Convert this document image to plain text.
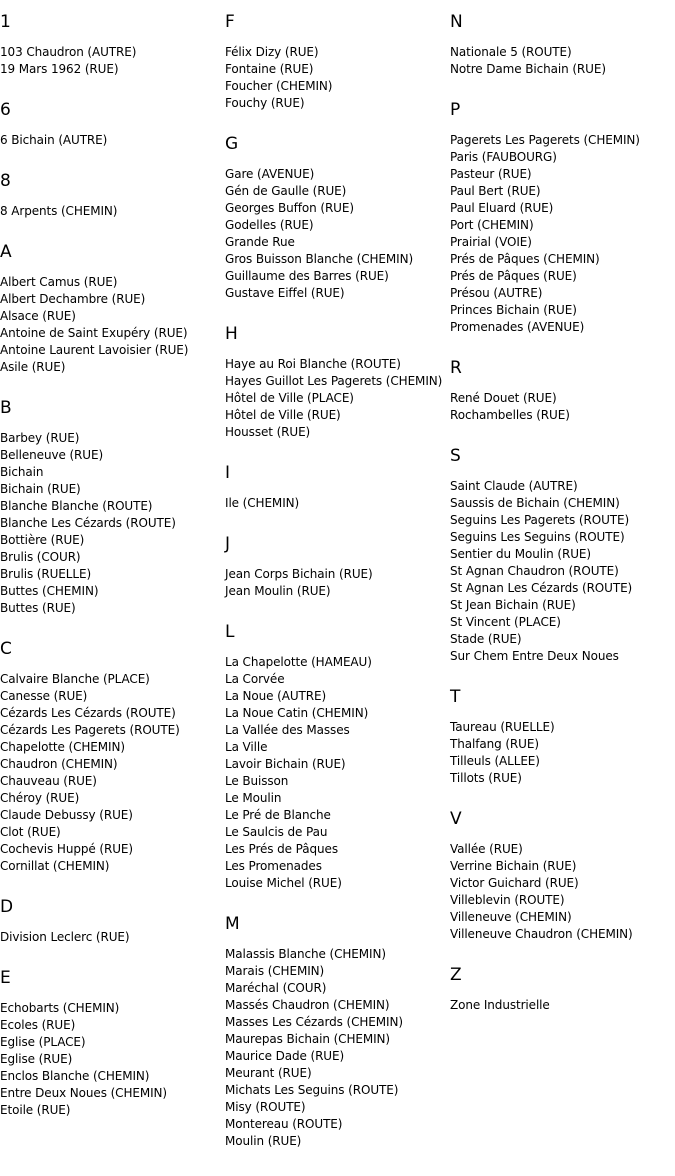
1
103 Chaudron (AUTRE)
19 Mars 1962 (RUE)
6
6 Bichain (AUTRE)
8
8 Arpents (CHEMIN)
A
Albert Camus (RUE)
Albert Dechambre (RUE)
Alsace (RUE)
Antoine de Saint Exupéry (RUE)
Antoine Laurent Lavoisier (RUE)
Asile (RUE)
B
Barbey (RUE)
Belleneuve (RUE)
Bichain
Bichain (RUE)
Blanche Blanche (ROUTE)
Blanche Les Cézards (ROUTE)
Bottière (RUE)
Brulis (COUR)
Brulis (RUELLE)
Buttes (CHEMIN)
Buttes (RUE)
C
Calvaire Blanche (PLACE)
Canesse (RUE)
Cézards Les Cézards (ROUTE)
Cézards Les Pagerets (ROUTE)
Chapelotte (CHEMIN)
Chaudron (CHEMIN)
Chauveau (RUE)
Chéroy (RUE)
Claude Debussy (RUE)
Clot (RUE)
Cochevis Huppé (RUE)
Cornillat (CHEMIN)
D
Division Leclerc (RUE)
E
Echobarts (CHEMIN)
Ecoles (RUE)
Eglise (PLACE)
Eglise (RUE)
Enclos Blanche (CHEMIN)
Entre Deux Noues (CHEMIN)
Etoile (RUE)
F
Félix Dizy (RUE)
Fontaine (RUE)
Foucher (CHEMIN)
Fouchy (RUE)
G
Gare (AVENUE)
Gén de Gaulle (RUE)
Georges Buffon (RUE)
Godelles (RUE)
Grande Rue
Gros Buisson Blanche (CHEMIN)
Guillaume des Barres (RUE)
Gustave Eiffel (RUE)
H
Haye au Roi Blanche (ROUTE)
Hayes Guillot Les Pagerets (CHEMIN)
Hôtel de Ville (PLACE)
Hôtel de Ville (RUE)
Housset (RUE)
I
Ile (CHEMIN)
J
Jean Corps Bichain (RUE)
Jean Moulin (RUE)
L
La Chapelotte (HAMEAU)
La Corvée
La Noue (AUTRE)
La Noue Catin (CHEMIN)
La Vallée des Masses
La Ville
Lavoir Bichain (RUE)
Le Buisson
Le Moulin
Le Pré de Blanche
Le Saulcis de Pau
Les Prés de Pâques
Les Promenades
Louise Michel (RUE)
M
Malassis Blanche (CHEMIN)
Marais (CHEMIN)
Maréchal (COUR)
Massés Chaudron (CHEMIN)
Masses Les Cézards (CHEMIN)
Maurepas Bichain (CHEMIN)
Maurice Dade (RUE)
Meurant (RUE)
Michats Les Seguins (ROUTE)
Misy (ROUTE)
Montereau (ROUTE)
Moulin (RUE)
N
Nationale 5 (ROUTE)
Notre Dame Bichain (RUE)
P
Pagerets Les Pagerets (CHEMIN)
Paris (FAUBOURG)
Pasteur (RUE)
Paul Bert (RUE)
Paul Eluard (RUE)
Port (CHEMIN)
Prairial (VOIE)
Prés de Pâques (CHEMIN)
Prés de Pâques (RUE)
Présou (AUTRE)
Princes Bichain (RUE)
Promenades (AVENUE)
R
René Douet (RUE)
Rochambelles (RUE)
S
Saint Claude (AUTRE)
Saussis de Bichain (CHEMIN)
Seguins Les Pagerets (ROUTE)
Seguins Les Seguins (ROUTE)
Sentier du Moulin (RUE)
St Agnan Chaudron (ROUTE)
St Agnan Les Cézards (ROUTE)
St Jean Bichain (RUE)
St Vincent (PLACE)
Stade (RUE)
Sur Chem Entre Deux Noues
T
Taureau (RUELLE)
Thalfang (RUE)
Tilleuls (ALLEE)
Tillots (RUE)
V
Vallée (RUE)
Verrine Bichain (RUE)
Victor Guichard (RUE)
Villeblevin (ROUTE)
Villeneuve (CHEMIN)
Villeneuve Chaudron (CHEMIN)
Z
Zone Industrielle
